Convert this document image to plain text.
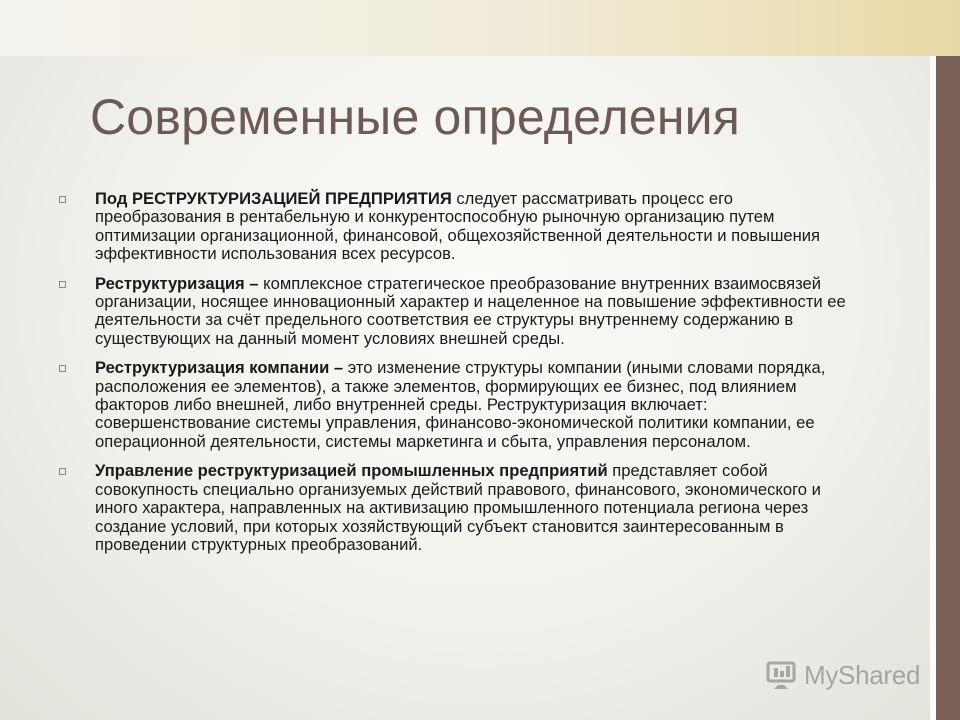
Современные определения
Под РЕСТРУКТУРИЗАЦИЕЙ ПРЕДПРИЯТИЯ следует рассматривать процесс его преобразования в рентабельную и конкурентоспособную рыночную организацию путем оптимизации организационной, финансовой, общехозяйственной деятельности и повышения эффективности использования всех ресурсов.
Реструктуризация – комплексное стратегическое преобразование внутренних взаимосвязей организации, носящее инновационный характер и нацеленное на повышение эффективности ее деятельности за счёт предельного соответствия ее структуры внутреннему содержанию в существующих на данный момент условиях внешней среды.
Реструктуризация компании – это изменение структуры компании (иными словами порядка, расположения ее элементов), а также элементов, формирующих ее бизнес, под влиянием факторов либо внешней, либо внутренней среды. Реструктуризация включает: совершенствование системы управления, финансово-экономической политики компании, ее операционной деятельности, системы маркетинга и сбыта, управления персоналом.
Управление реструктуризацией промышленных предприятий представляет собой совокупность специально организуемых действий правового, финансового, экономического и иного характера, направленных на активизацию промышленного потенциала региона через создание условий, при которых хозяйствующий субъект становится заинтересованным в проведении структурных преобразований.
MyShared
